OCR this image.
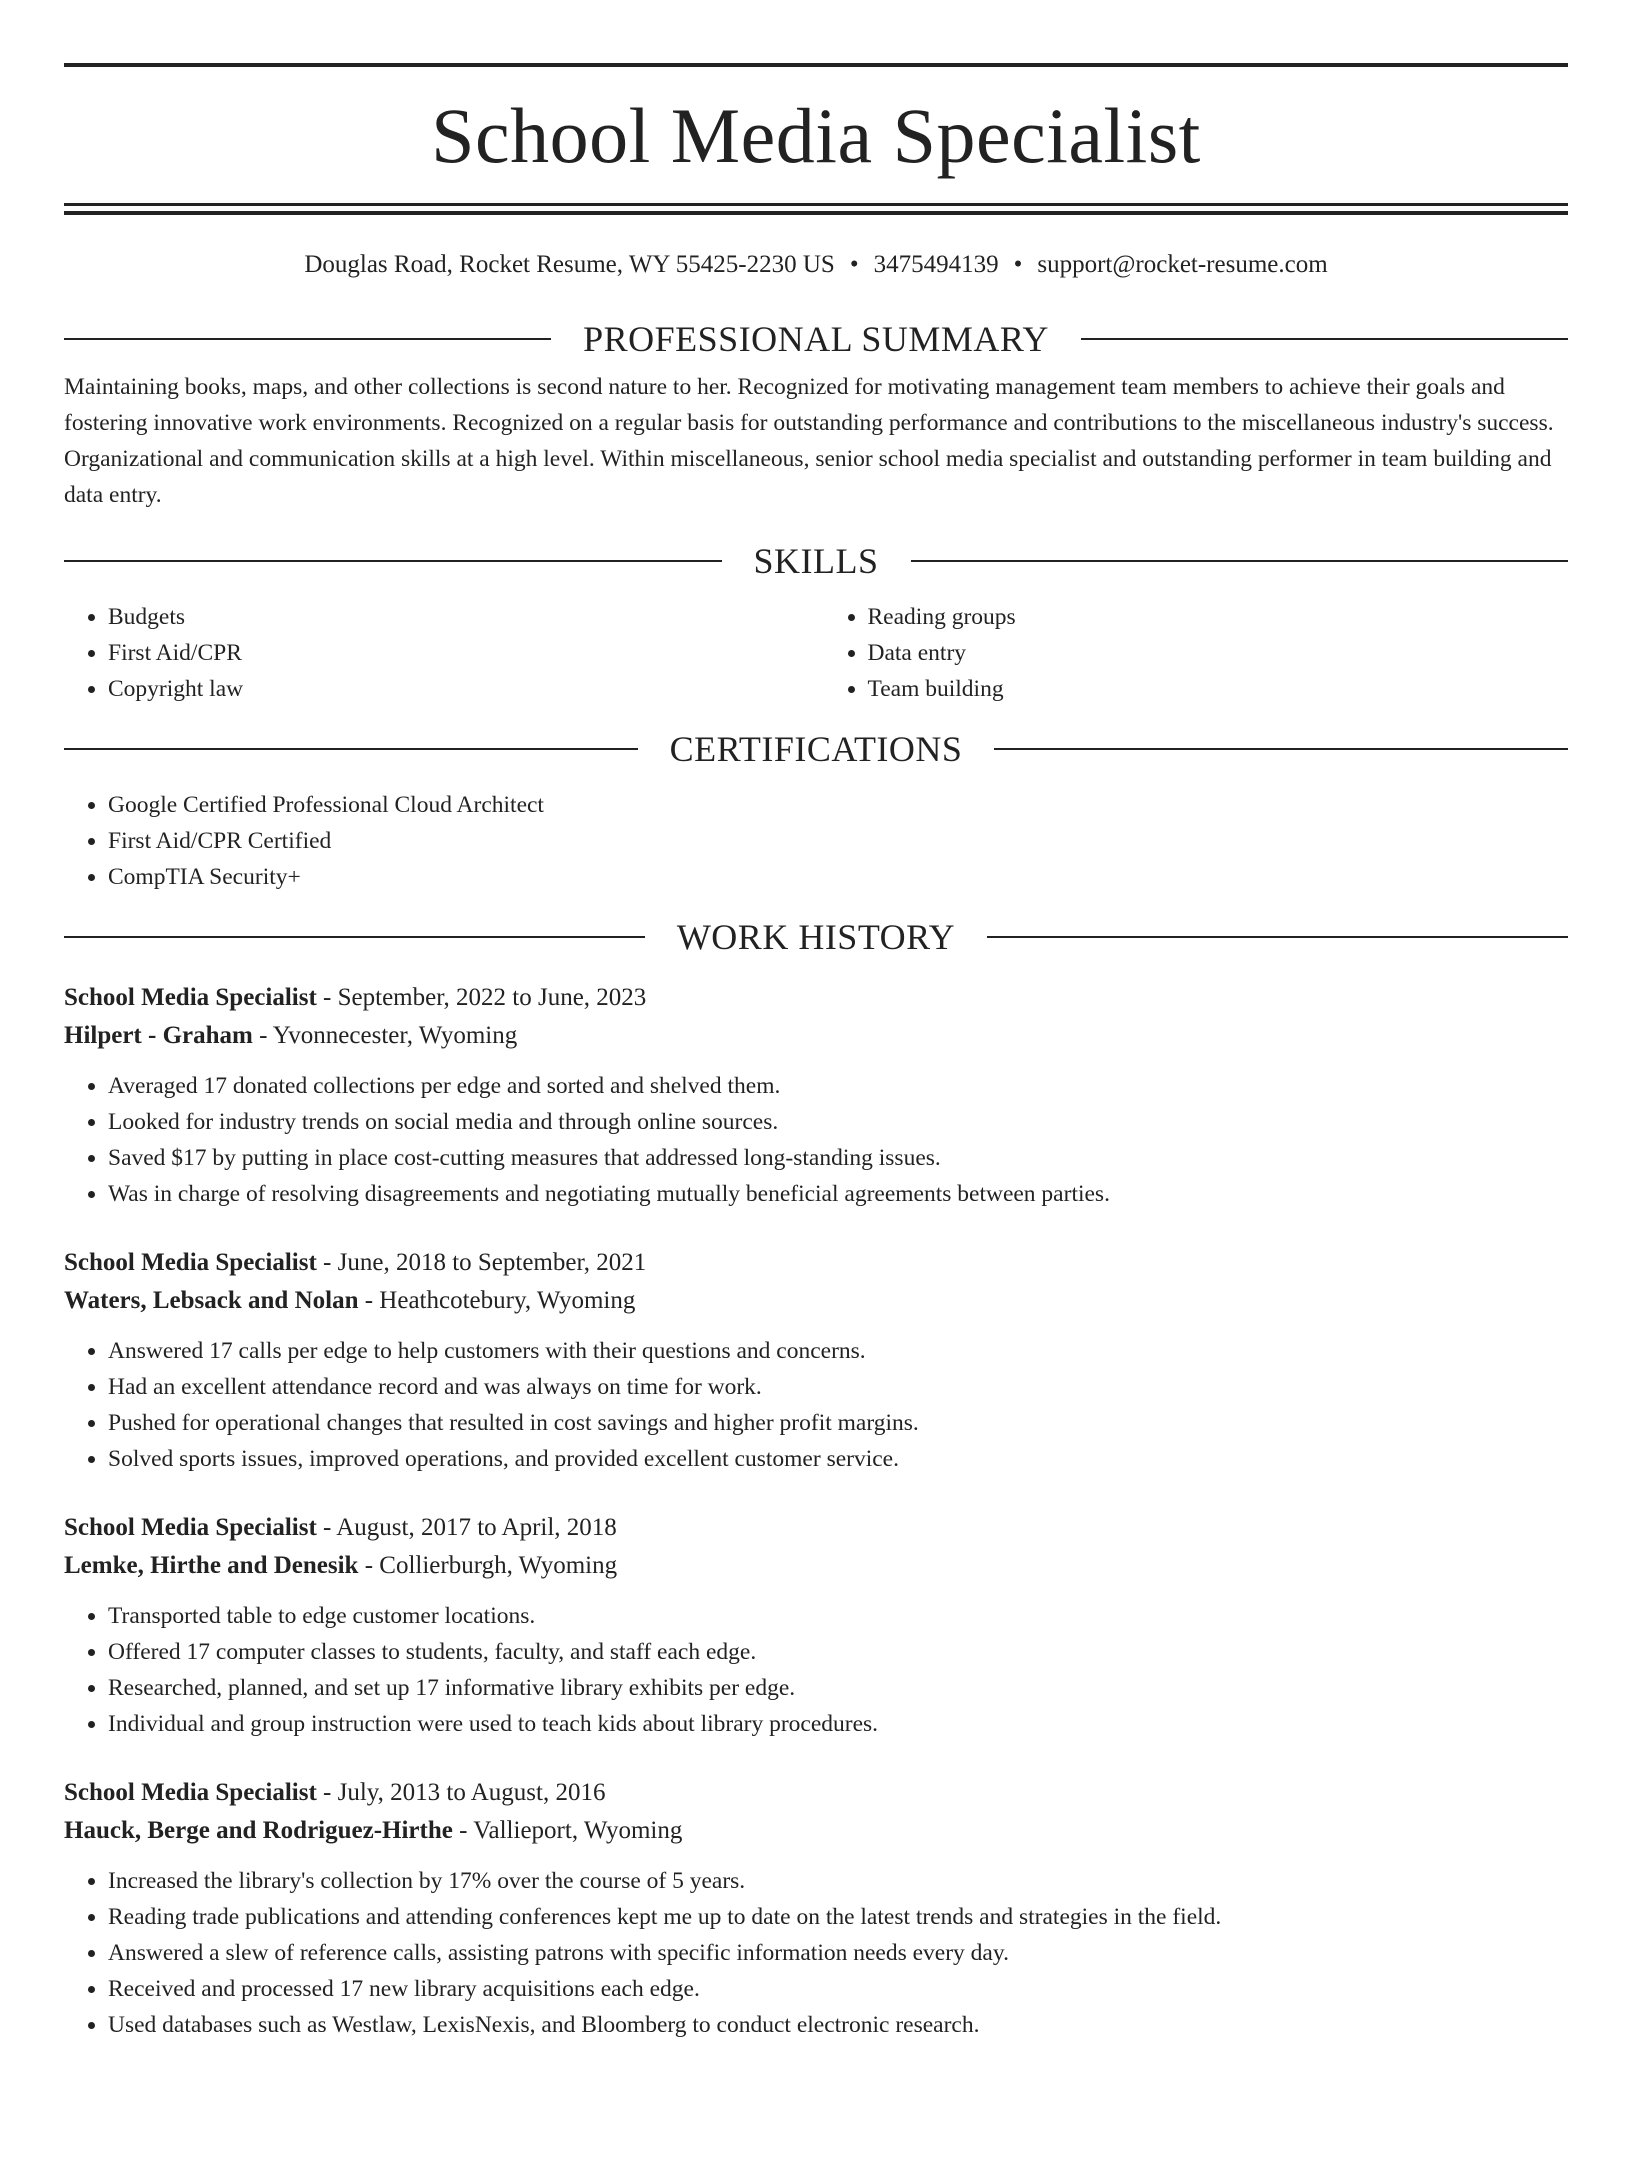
School Media Specialist
Douglas Road, Rocket Resume, WY 55425-2230 US • 3475494139 • support@rocket-resume.com
PROFESSIONAL SUMMARY

Maintaining books, maps, and other collections is second nature to her. Recognized for motivating management team members to achieve their goals and fostering innovative work environments. Recognized on a regular basis for outstanding performance and contributions to the miscellaneous industry's success. Organizational and communication skills at a high level. Within miscellaneous, senior school media specialist and outstanding performer in team building and data entry.

SKILLS
• Budgets
• First Aid/CPR
• Copyright law
• Reading groups
• Data entry
• Team building
CERTIFICATIONS
• Google Certified Professional Cloud Architect
• First Aid/CPR Certified
• CompTIA Security+
WORK HISTORY
School Media Specialist - September, 2022 to June, 2023
Hilpert - Graham - Yvonnecester, Wyoming
• Averaged 17 donated collections per edge and sorted and shelved them.
• Looked for industry trends on social media and through online sources.
• Saved $17 by putting in place cost-cutting measures that addressed long-standing issues.
• Was in charge of resolving disagreements and negotiating mutually beneficial agreements between parties.
School Media Specialist - June, 2018 to September, 2021
Waters, Lebsack and Nolan - Heathcotebury, Wyoming
• Answered 17 calls per edge to help customers with their questions and concerns.
• Had an excellent attendance record and was always on time for work.
• Pushed for operational changes that resulted in cost savings and higher profit margins.
• Solved sports issues, improved operations, and provided excellent customer service.
School Media Specialist - August, 2017 to April, 2018
Lemke, Hirthe and Denesik - Collierburgh, Wyoming
• Transported table to edge customer locations.
• Offered 17 computer classes to students, faculty, and staff each edge.
• Researched, planned, and set up 17 informative library exhibits per edge.
• Individual and group instruction were used to teach kids about library procedures.
School Media Specialist - July, 2013 to August, 2016
Hauck, Berge and Rodriguez-Hirthe - Vallieport, Wyoming
• Increased the library's collection by 17% over the course of 5 years.
• Reading trade publications and attending conferences kept me up to date on the latest trends and strategies in the field.
• Answered a slew of reference calls, assisting patrons with specific information needs every day.
• Received and processed 17 new library acquisitions each edge.
• Used databases such as Westlaw, LexisNexis, and Bloomberg to conduct electronic research.
